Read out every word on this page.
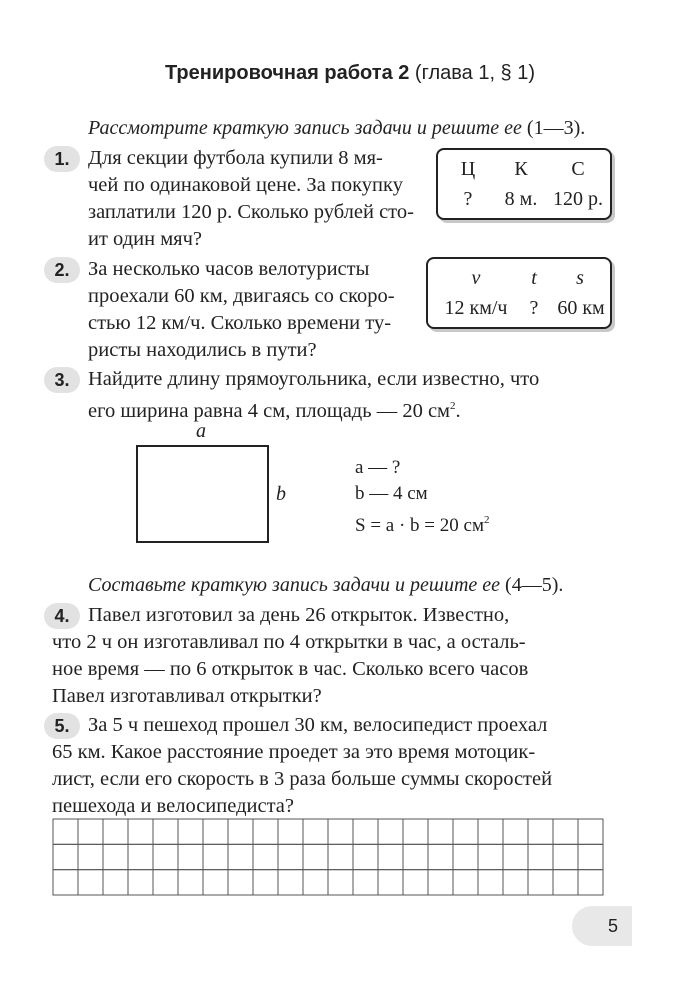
Тренировочная работа 2 (глава 1, § 1)
Рассмотрите краткую запись задачи и решите ее (1—3).
1. Для секции футбола купили 8 мя-
чей по одинаковой цене. За покупку
заплатили 120 р. Сколько рублей сто-
ит один мяч?
Ц	К	С
?	8 м. 120 р.
2. За несколько часов велотуристы
проехали 60 км, двигаясь со скоро-
стью 12 км/ч. Сколько времени ту-
ристы находились в пути?
v	t	s
12 км/ч	? 60 км
3. Найдите длину прямоугольника, если известно, что
его ширина равна 4 см, площадь — 20 $см^2$.
a
b
a — ?
b — 4 см
S = a · b = 20 $см^2$
Составьте краткую запись задачи и решите ее (4—5).
4. Павел изготовил за день 26 открыток. Известно,
что 2 ч он изготавливал по 4 открытки в час, а осталь-
ное время — по 6 открыток в час. Сколько всего часов
Павел изготавливал открытки?
5. За 5 ч пешеход прошел 30 км, велосипедист проехал
65 км. Какое расстояние проедет за это время мотоцик-
лист, если его скорость в 3 раза больше суммы скоростей
пешехода и велосипедиста?
5
